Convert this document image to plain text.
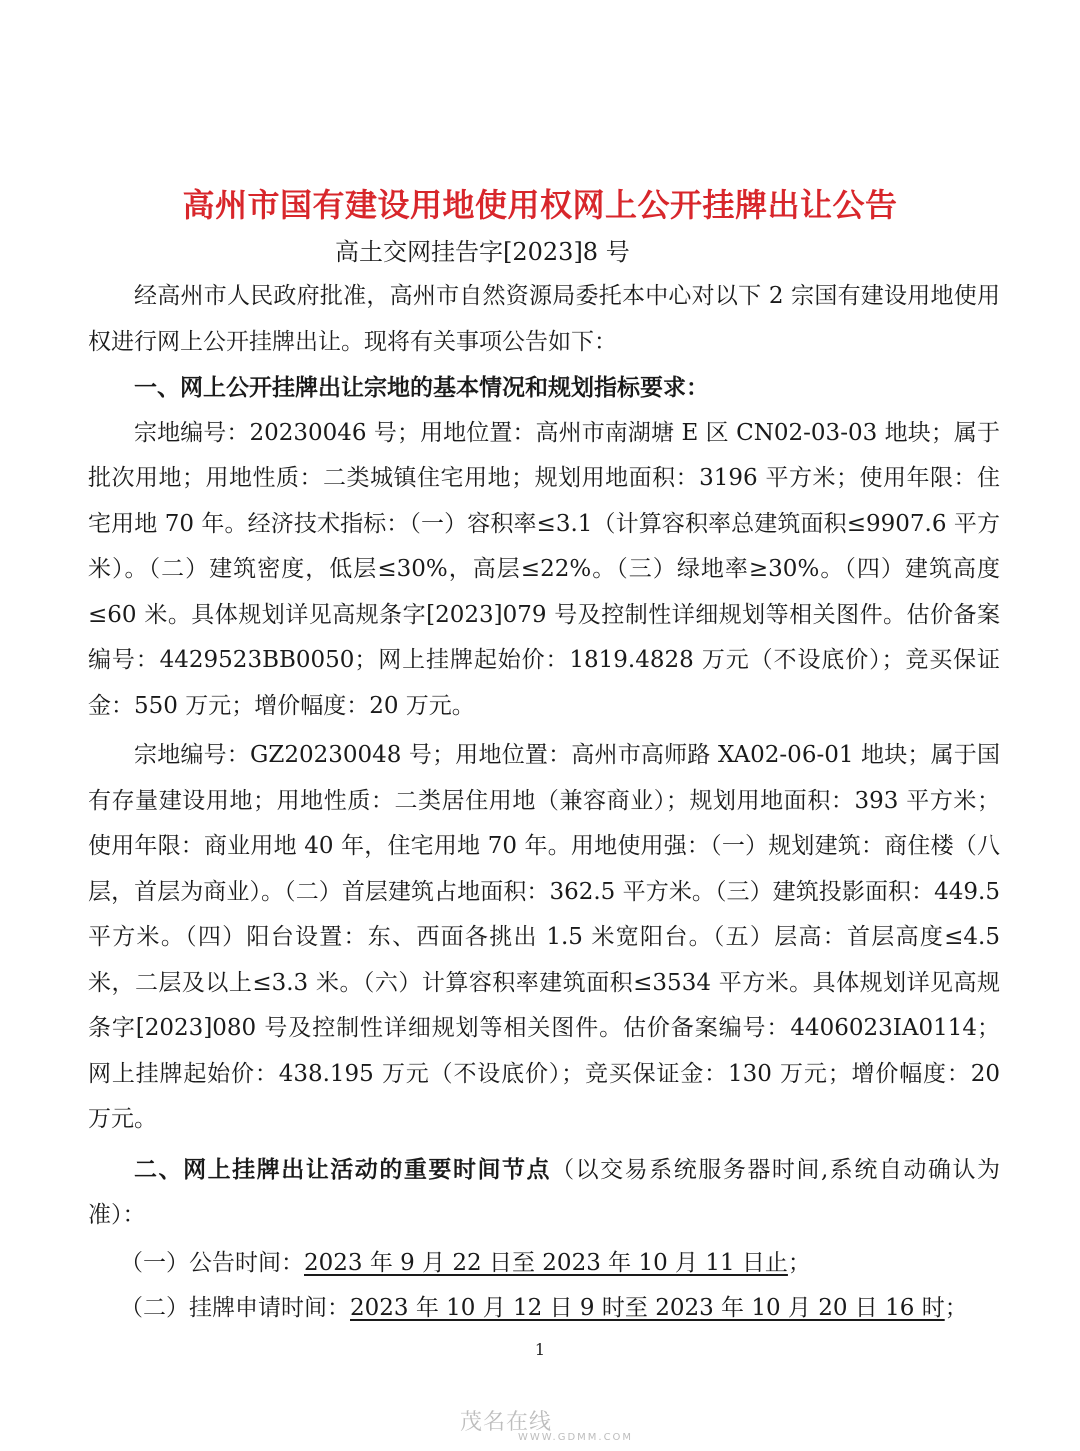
高州市国有建设用地使用权网上公开挂牌出让公告
高土交网挂告字[2023]8 号

经高州市人民政府批准，高州市自然资源局委托本中心对以下 2 宗国有建设用地使用权进行网上公开挂牌出让。现将有关事项公告如下：

一、网上公开挂牌出让宗地的基本情况和规划指标要求：

宗地编号：20230046 号；用地位置：高州市南湖塘 E 区 CN02-03-03 地块；属于批次用地；用地性质：二类城镇住宅用地；规划用地面积：3196 平方米；使用年限：住宅用地 70 年。经济技术指标：（一）容积率≤3.1（计算容积率总建筑面积≤9907.6 平方米）。（二）建筑密度，低层≤30%，高层≤22%。（三）绿地率≥30%。（四）建筑高度≤60 米。具体规划详见高规条字[2023]079 号及控制性详细规划等相关图件。估价备案编号：4429523BB0050；网上挂牌起始价：1819.4828 万元（不设底价）；竞买保证金：550 万元；增价幅度：20 万元。

宗地编号：GZ20230048 号；用地位置：高州市高师路 XA02-06-01 地块；属于国有存量建设用地；用地性质：二类居住用地（兼容商业）；规划用地面积：393 平方米；使用年限：商业用地 40 年，住宅用地 70 年。用地使用强：（一）规划建筑：商住楼（八层，首层为商业）。（二）首层建筑占地面积：362.5 平方米。（三）建筑投影面积：449.5 平方米。（四）阳台设置：东、西面各挑出 1.5 米宽阳台。（五）层高：首层高度≤4.5 米，二层及以上≤3.3 米。（六）计算容积率建筑面积≤3534 平方米。具体规划详见高规条字[2023]080 号及控制性详细规划等相关图件。估价备案编号：4406023IA0114；网上挂牌起始价：438.195 万元（不设底价）；竞买保证金：130 万元；增价幅度：20 万元。

二、网上挂牌出让活动的重要时间节点（以交易系统服务器时间,系统自动确认为准）：

（一）公告时间：2023 年 9 月 22 日至 2023 年 10 月 11 日止；

（二）挂牌申请时间：2023 年 10 月 12 日 9 时至 2023 年 10 月 20 日 16 时；

1
茂名在线
WWW.GDMM.COM
